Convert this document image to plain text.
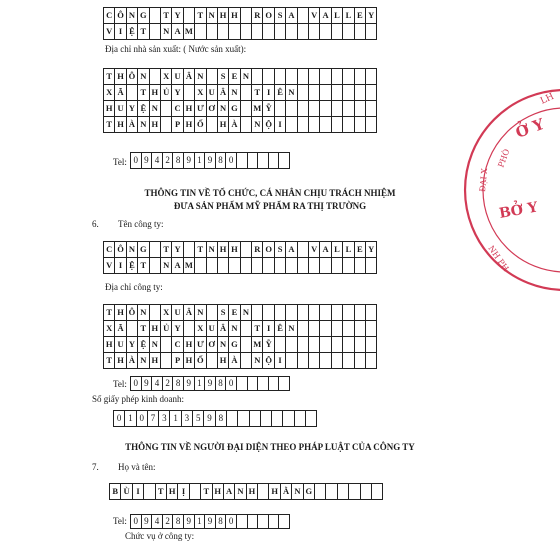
C	Ô	N	G		T	Y		T	N	H	H		R	O	S	A		V	A	L	L	E	Y
V	I	Ệ	T		N	A	M																
Địa chỉ nhà sản xuất: ( Nước sản xuất):
T	H	Ô	N		X	U	Â	N		S	E	N											
X	Ã		T	H	Ủ	Y		X	U	Â	N		T	I	Ê	N							
H	U	Y	Ệ	N		C	H	Ư	Ơ	N	G		M	Ỹ									
T	H	À	N	H		P	H	Ố		H	À		N	Ộ	I								
Tel: 0	9	4	2	8	9	1	9	8	0					
THÔNG TIN VỀ TỔ CHỨC, CÁ NHÂN CHỊU TRÁCH NHIỆM
ĐƯA SẢN PHẨM MỸ PHẨM RA THỊ TRƯỜNG
6. Tên công ty:
C	Ô	N	G		T	Y		T	N	H	H		R	O	S	A		V	A	L	L	E	Y
V	I	Ệ	T		N	A	M																
Địa chỉ công ty:
T	H	Ô	N		X	U	Â	N		S	E	N											
X	Ã		T	H	Ủ	Y		X	U	Â	N		T	I	Ê	N							
H	U	Y	Ệ	N		C	H	Ư	Ơ	N	G		M	Ỹ									
T	H	À	N	H		P	H	Ố		H	À		N	Ộ	I								
Tel: 0	9	4	2	8	9	1	9	8	0					
Số giấy phép kinh doanh:
0	1	0	7	3	1	3	5	9	8								
THÔNG TIN VỀ NGƯỜI ĐẠI DIỆN THEO PHÁP LUẬT CỦA CÔNG TY
7. Họ và tên:
B	Ù	I		T	H	Ị		T	H	A	N	H		H	Ằ	N	G						
Tel: 0	9	4	2	8	9	1	9	8	0					
Chức vụ ở công ty:
LH
Ở Y
PHÒ
ĐẠI X
BỞ Y
NH PH
